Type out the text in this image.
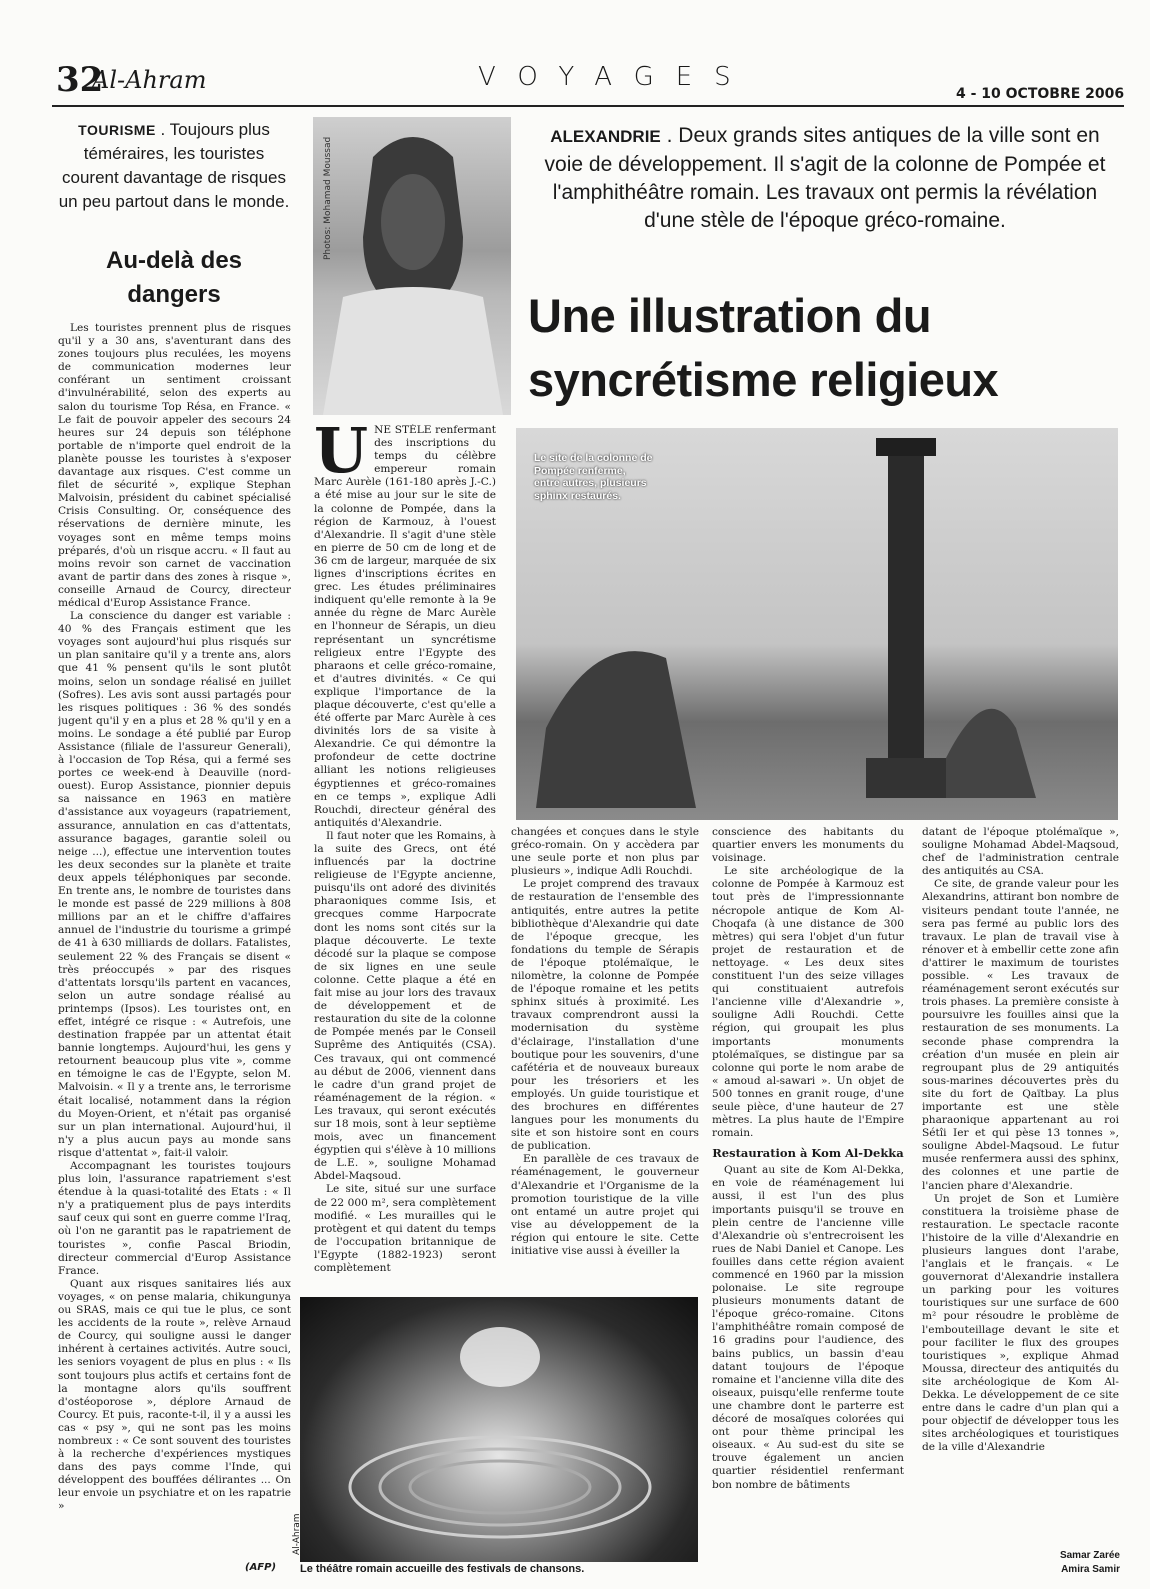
32
Al-Ahram	VOYAGES
4 - 10 OCTOBRE 2006
TOURISME . Toujours plus téméraires, les touristes courent davantage de risques un peu partout dans le monde.
Au-delà des dangers

Les touristes prennent plus de risques qu'il y a 30 ans, s'aventurant dans des zones toujours plus reculées, les moyens de communication modernes leur conférant un sentiment croissant d'invulnérabilité, selon des experts au salon du tourisme Top Résa, en France. « Le fait de pouvoir appeler des secours 24 heures sur 24 depuis son téléphone portable de n'importe quel endroit de la planète pousse les touristes à s'exposer davantage aux risques. C'est comme un filet de sécurité », explique Stephan Malvoisin, président du cabinet spécialisé Crisis Consulting. Or, conséquence des réservations de dernière minute, les voyages sont en même temps moins préparés, d'où un risque accru. « Il faut au moins revoir son carnet de vaccination avant de partir dans des zones à risque », conseille Arnaud de Courcy, directeur médical d'Europ Assistance France.

La conscience du danger est variable : 40 % des Français estiment que les voyages sont aujourd'hui plus risqués sur un plan sanitaire qu'il y a trente ans, alors que 41 % pensent qu'ils le sont plutôt moins, selon un sondage réalisé en juillet (Sofres). Les avis sont aussi partagés pour les risques politiques : 36 % des sondés jugent qu'il y en a plus et 28 % qu'il y en a moins. Le sondage a été publié par Europ Assistance (filiale de l'assureur Generali), à l'occasion de Top Résa, qui a fermé ses portes ce week-end à Deauville (nord-ouest). Europ Assistance, pionnier depuis sa naissance en 1963 en matière d'assistance aux voyageurs (rapatriement, assurance, annulation en cas d'attentats, assurance bagages, garantie soleil ou neige ...), effectue une intervention toutes les deux secondes sur la planète et traite deux appels téléphoniques par seconde. En trente ans, le nombre de touristes dans le monde est passé de 229 millions à 808 millions par an et le chiffre d'affaires annuel de l'industrie du tourisme a grimpé de 41 à 630 milliards de dollars. Fatalistes, seulement 22 % des Français se disent « très préoccupés » par des risques d'attentats lorsqu'ils partent en vacances, selon un autre sondage réalisé au printemps (Ipsos). Les touristes ont, en effet, intégré ce risque : « Autrefois, une destination frappée par un attentat était bannie longtemps. Aujourd'hui, les gens y retournent beaucoup plus vite », comme en témoigne le cas de l'Egypte, selon M. Malvoisin. « Il y a trente ans, le terrorisme était localisé, notamment dans la région du Moyen-Orient, et n'était pas organisé sur un plan international. Aujourd'hui, il n'y a plus aucun pays au monde sans risque d'attentat », fait-il valoir.

Accompagnant les touristes toujours plus loin, l'assurance rapatriement s'est étendue à la quasi-totalité des Etats : « Il n'y a pratiquement plus de pays interdits sauf ceux qui sont en guerre comme l'Iraq, où l'on ne garantit pas le rapatriement de touristes », confie Pascal Briodin, directeur commercial d'Europ Assistance France.

Quant aux risques sanitaires liés aux voyages, « on pense malaria, chikungunya ou SRAS, mais ce qui tue le plus, ce sont les accidents de la route », relève Arnaud de Courcy, qui souligne aussi le danger inhérent à certaines activités. Autre souci, les seniors voyagent de plus en plus : « Ils sont toujours plus actifs et certains font de la montagne alors qu'ils souffrent d'ostéoporose », déplore Arnaud de Courcy. Et puis, raconte-t-il, il y a aussi les cas « psy », qui ne sont pas les moins nombreux : « Ce sont souvent des touristes à la recherche d'expériences mystiques dans des pays comme l'Inde, qui développent des bouffées délirantes ... On leur envoie un psychiatre et on les rapatrie »

(AFP)
Photos: Mohamad Moussad
ALEXANDRIE . Deux grands sites antiques de la ville sont en voie de développement. Il s'agit de la colonne de Pompée et l'amphithéâtre romain. Les travaux ont permis la révélation d'une stèle de l'époque gréco-romaine.
Une illustration du syncrétisme religieux
Le site de la colonne de Pompée renferme, entre autres, plusieurs sphinx restaurés.
U NE STÈLE renfermant des inscriptions du temps du célèbre empereur romain Marc Aurèle (161-180 après J.-C.) a été mise au jour sur le site de la colonne de Pompée, dans la région de Karmouz, à l'ouest d'Alexandrie. Il s'agit d'une stèle en pierre de 50 cm de long et de 36 cm de largeur, marquée de six lignes d'inscriptions écrites en grec. Les études préliminaires indiquent qu'elle remonte à la 9e année du règne de Marc Aurèle en l'honneur de Sérapis, un dieu représentant un syncrétisme religieux entre l'Egypte des pharaons et celle gréco-romaine, et d'autres divinités. « Ce qui explique l'importance de la plaque découverte, c'est qu'elle a été offerte par Marc Aurèle à ces divinités lors de sa visite à Alexandrie. Ce qui démontre la profondeur de cette doctrine alliant les notions religieuses égyptiennes et gréco-romaines en ce temps », explique Adli Rouchdi, directeur général des antiquités d'Alexandrie.

Il faut noter que les Romains, à la suite des Grecs, ont été influencés par la doctrine religieuse de l'Egypte ancienne, puisqu'ils ont adoré des divinités pharaoniques comme Isis, et grecques comme Harpocrate dont les noms sont cités sur la plaque découverte. Le texte décodé sur la plaque se compose de six lignes en une seule colonne. Cette plaque a été en fait mise au jour lors des travaux de développement et de restauration du site de la colonne de Pompée menés par le Conseil Suprême des Antiquités (CSA). Ces travaux, qui ont commencé au début de 2006, viennent dans le cadre d'un grand projet de réaménagement de la région. « Les travaux, qui seront exécutés sur 18 mois, sont à leur septième mois, avec un financement égyptien qui s'élève à 10 millions de L.E. », souligne Mohamad Abdel-Maqsoud.

Le site, situé sur une surface de 22 000 m², sera complètement modifié. « Les murailles qui le protègent et qui datent du temps de l'occupation britannique de l'Egypte (1882-1923) seront complètement

changées et conçues dans le style gréco-romain. On y accèdera par une seule porte et non plus par plusieurs », indique Adli Rouchdi.

Le projet comprend des travaux de restauration de l'ensemble des antiquités, entre autres la petite bibliothèque d'Alexandrie qui date de l'époque grecque, les fondations du temple de Sérapis de l'époque ptolémaïque, le nilomètre, la colonne de Pompée de l'époque romaine et les petits sphinx situés à proximité. Les travaux comprendront aussi la modernisation du système d'éclairage, l'installation d'une boutique pour les souvenirs, d'une cafétéria et de nouveaux bureaux pour les trésoriers et les employés. Un guide touristique et des brochures en différentes langues pour les monuments du site et son histoire sont en cours de publication.

En parallèle de ces travaux de réaménagement, le gouverneur d'Alexandrie et l'Organisme de la promotion touristique de la ville ont entamé un autre projet qui vise au développement de la région qui entoure le site. Cette initiative vise aussi à éveiller la

conscience des habitants du quartier envers les monuments du voisinage.

Le site archéologique de la colonne de Pompée à Karmouz est tout près de l'impressionnante nécropole antique de Kom Al-Choqafa (à une distance de 300 mètres) qui sera l'objet d'un futur projet de restauration et de nettoyage. « Les deux sites constituent l'un des seize villages qui constituaient autrefois l'ancienne ville d'Alexandrie », souligne Adli Rouchdi. Cette région, qui groupait les plus importants monuments ptolémaïques, se distingue par sa colonne qui porte le nom arabe de « amoud al-sawari ». Un objet de 500 tonnes en granit rouge, d'une seule pièce, d'une hauteur de 27 mètres. La plus haute de l'Empire romain.

Restauration à Kom Al-Dekka

Quant au site de Kom Al-Dekka, en voie de réaménagement lui aussi, il est l'un des plus importants puisqu'il se trouve en plein centre de l'ancienne ville d'Alexandrie où s'entrecroisent les rues de Nabi Daniel et Canope. Les fouilles dans cette région avaient commencé en 1960 par la mission polonaise. Le site regroupe plusieurs monuments datant de l'époque gréco-romaine. Citons l'amphithéâtre romain composé de 16 gradins pour l'audience, des bains publics, un bassin d'eau datant toujours de l'époque romaine et l'ancienne villa dite des oiseaux, puisqu'elle renferme toute une chambre dont le parterre est décoré de mosaïques colorées qui ont pour thème principal les oiseaux. « Au sud-est du site se trouve également un ancien quartier résidentiel renfermant bon nombre de bâtiments

datant de l'époque ptolémaïque », souligne Mohamad Abdel-Maqsoud, chef de l'administration centrale des antiquités au CSA.

Ce site, de grande valeur pour les Alexandrins, attirant bon nombre de visiteurs pendant toute l'année, ne sera pas fermé au public lors des travaux. Le plan de travail vise à rénover et à embellir cette zone afin d'attirer le maximum de touristes possible. « Les travaux de réaménagement seront exécutés sur trois phases. La première consiste à poursuivre les fouilles ainsi que la restauration de ses monuments. La seconde phase comprendra la création d'un musée en plein air regroupant plus de 29 antiquités sous-marines découvertes près du site du fort de Qaïtbay. La plus importante est une stèle pharaonique appartenant au roi Sétîi Ier et qui pèse 13 tonnes », souligne Abdel-Maqsoud. Le futur musée renfermera aussi des sphinx, des colonnes et une partie de l'ancien phare d'Alexandrie.

Un projet de Son et Lumière constituera la troisième phase de restauration. Le spectacle raconte l'histoire de la ville d'Alexandrie en plusieurs langues dont l'arabe, l'anglais et le français. « Le gouvernorat d'Alexandrie installera un parking pour les voitures touristiques sur une surface de 600 m² pour résoudre le problème de l'embouteillage devant le site et pour faciliter le flux des groupes touristiques », explique Ahmad Moussa, directeur des antiquités du site archéologique de Kom Al-Dekka. Le développement de ce site entre dans le cadre d'un plan qui a pour objectif de développer tous les sites archéologiques et touristiques de la ville d'Alexandrie

Samar Zarée
Amira Samir
Al-Ahram
Le théâtre romain accueille des festivals de chansons.
